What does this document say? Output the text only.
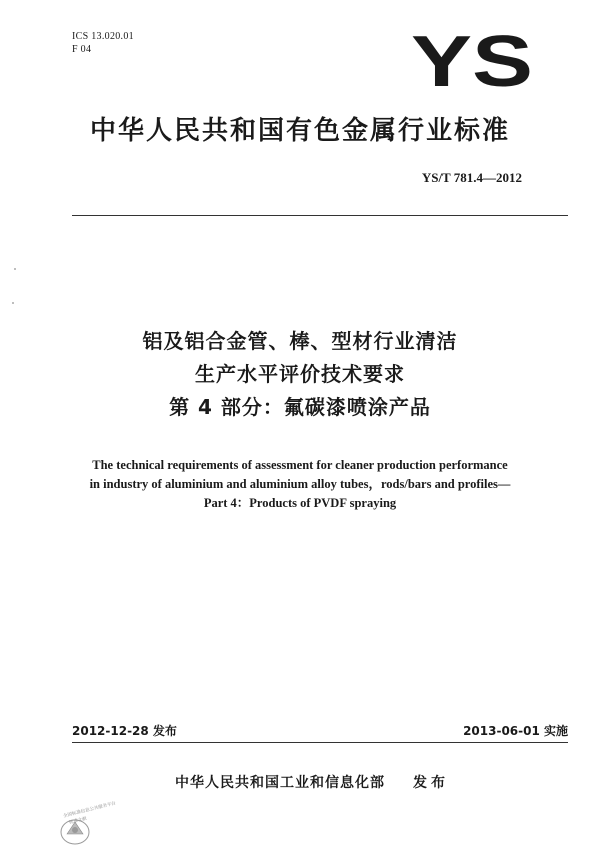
ICS 13.020.01
F 04	YS
中华人民共和国有色金属行业标准
YS/T 781.4—2012
铝及铝合金管、棒、型材行业清洁
生产水平评价技术要求
第 4 部分：氟碳漆喷涂产品
The technical requirements of assessment for cleaner production performance
in industry of aluminium and aluminium alloy tubes，rods/bars and profiles—
Part 4：Products of PVDF spraying
2012-12-28 发布	2013-06-01 实施
中华人民共和国工业和信息化部 发布
全国标准信息公共服务平台
标准文献
